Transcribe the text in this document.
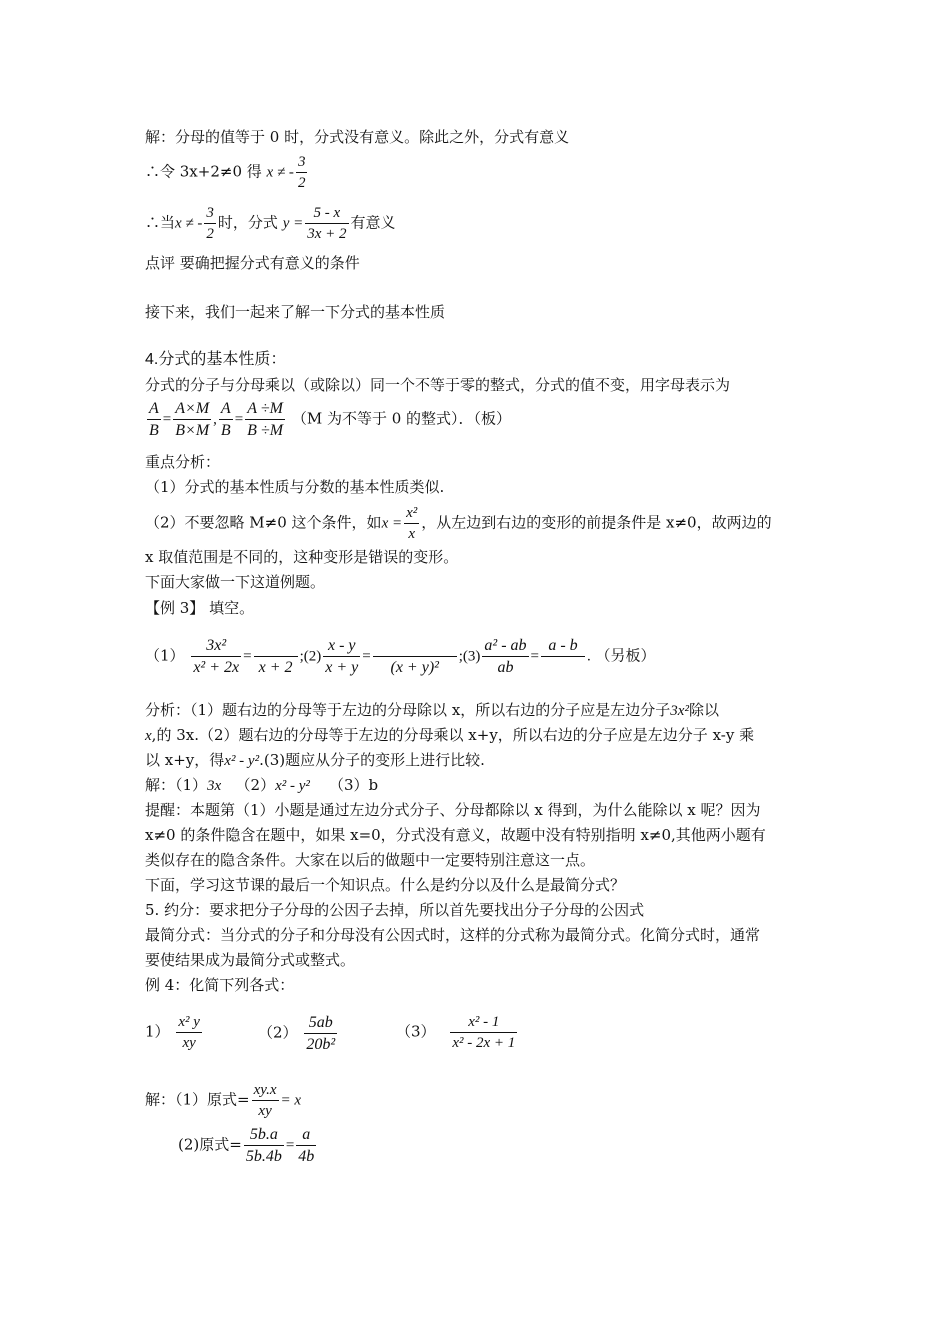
解：分母的值等于 0 时，分式没有意义。除此之外，分式有意义
∴令 3x+2≠0 得 x ≠ - $\frac{3}{2}$
∴当x ≠ - $\frac{3}{2}$ 时，分式 $y = \frac{5 - x}{3x + 2}$ 有意义
点评 要确把握分式有意义的条件
接下来，我们一起来了解一下分式的基本性质
4.分式的基本性质：
分式的分子与分母乘以（或除以）同一个不等于零的整式，分式的值不变，用字母表示为
$\frac{A}{B} = \frac{A\times M}{B\times M}$ , $\frac{A}{B} = \frac{A \div M}{B \div M} (M$ 为不等于 0 的整式）．（板）
重点分析：
（1）分式的基本性质与分数的基本性质类似.
（2）不要忽略 M≠0 这个条件，如$x = \frac{\text{x²}}{x}$ ，从左边到右边的变形的前提条件是 x≠0，故两边的
x 取值范围是不同的，这种变形是错误的变形。
下面大家做一下这道例题。
【例 3】 填空。
$(1) \frac{\text{3x²}}{\text{x² + 2x}}$ =
x + 2
;(2) $\frac{x - y}{x + y}$ =
(x + y)²
;(3) $\frac{\text{a² - ab}}{ab}$ =
a - b
. （另板）
分析：（1）题右边的分母等于左边的分母除以 x，所以右边的分子应是左边分子3x²除以
x,的 3x.（2）题右边的分母等于左边的分母乘以 x+y，所以右边的分子应是左边分子 x-y 乘
以 x+y，得x² - y².(3)题应从分子的变形上进行比较.
解：（1）3x （2）x² - y² （3）b
提醒：本题第（1）小题是通过左边分式分子、分母都除以 x 得到，为什么能除以 x 呢？因为
x≠0 的条件隐含在题中，如果 x=0，分式没有意义，故题中没有特别指明 x≠0,其他两小题有
类似存在的隐含条件。大家在以后的做题中一定要特别注意这一点。
下面，学习这节课的最后一个知识点。什么是约分以及什么是最简分式？
5. 约分：要求把分子分母的公因子去掉，所以首先要找出分子分母的公因式
最简分式：当分式的分子和分母没有公因式时，这样的分式称为最简分式。化简分式时，通常
要使结果成为最简分式或整式。
例 4：化简下列各式：
$1) \frac{\text{x² y}}{xy}$	$(2) \frac{5ab}{\text{20b²}}$	$(3) \frac{\text{x² - 1}}{\text{x² - 2x + 1}}$
解：（1）原式= $\frac{xy.x}{xy} = x$
(2)原式= $\frac{5b.a}{5b.4b} = \frac{a}{4b}$
